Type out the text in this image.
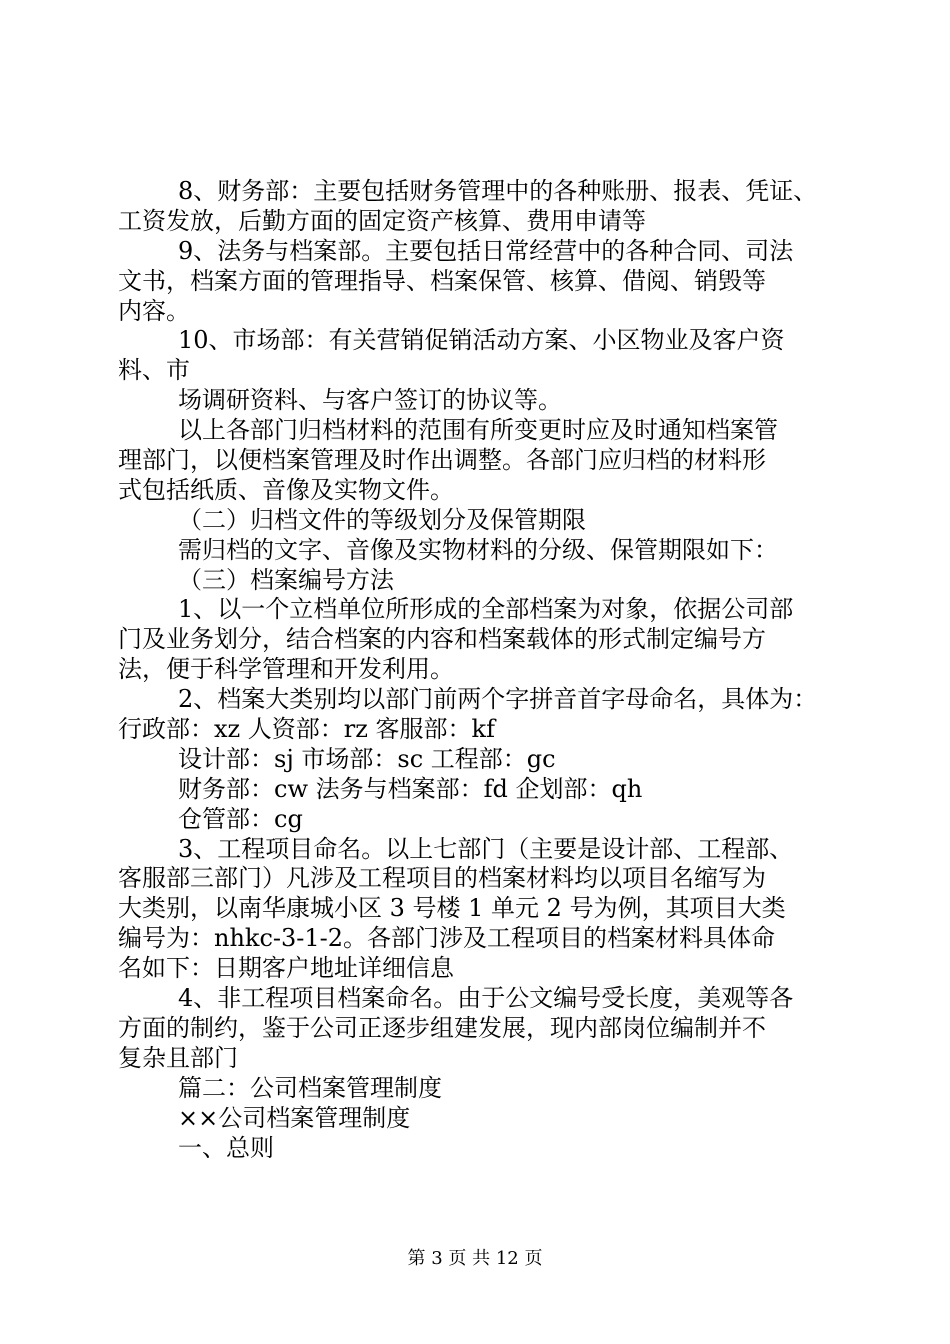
8、财务部：主要包括财务管理中的各种账册、报表、凭证、
工资发放，后勤方面的固定资产核算、费用申请等
9、法务与档案部。主要包括日常经营中的各种合同、司法
文书，档案方面的管理指导、档案保管、核算、借阅、销毁等
内容。
10、市场部：有关营销促销活动方案、小区物业及客户资
料、市
场调研资料、与客户签订的协议等。
以上各部门归档材料的范围有所变更时应及时通知档案管
理部门，以便档案管理及时作出调整。各部门应归档的材料形
式包括纸质、音像及实物文件。
（二）归档文件的等级划分及保管期限
需归档的文字、音像及实物材料的分级、保管期限如下：
（三）档案编号方法
1、以一个立档单位所形成的全部档案为对象，依据公司部
门及业务划分，结合档案的内容和档案载体的形式制定编号方
法，便于科学管理和开发利用。
2、档案大类别均以部门前两个字拼音首字母命名，具体为：
行政部：xz 人资部：rz 客服部：kf
设计部：sj 市场部：sc 工程部：gc
财务部：cw 法务与档案部：fd 企划部：qh
仓管部：cg
3、工程项目命名。以上七部门（主要是设计部、工程部、
客服部三部门）凡涉及工程项目的档案材料均以项目名缩写为
大类别，以南华康城小区 3 号楼 1 单元 2 号为例，其项目大类
编号为：nhkc-3-1-2。各部门涉及工程项目的档案材料具体命
名如下：日期客户地址详细信息
4、非工程项目档案命名。由于公文编号受长度，美观等各
方面的制约，鉴于公司正逐步组建发展，现内部岗位编制并不
复杂且部门
篇二：公司档案管理制度
××公司档案管理制度
一、总则
第 3 页 共 12 页
